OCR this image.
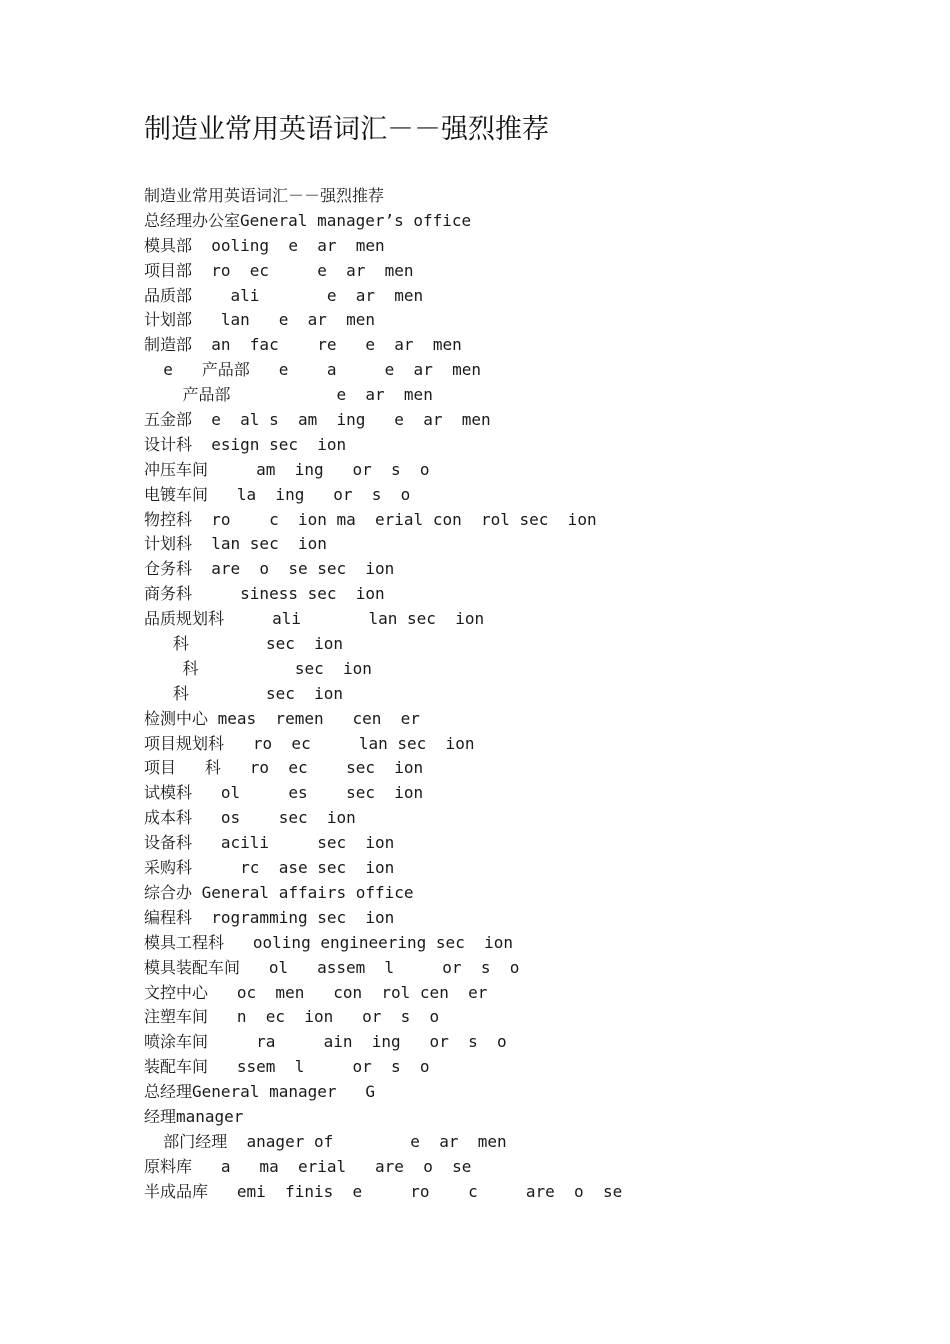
制造业常用英语词汇－－强烈推荐
制造业常用英语词汇－－强烈推荐
总经理办公室General manager’s office
模具部  ooling  e  ar  men
项目部  ro  ec     e  ar  men
品质部    ali       e  ar  men
计划部   lan   e  ar  men
制造部  an  fac    re   e  ar  men
e   产品部   e    a     e  ar  men
产品部           e  ar  men
五金部  e  al s  am  ing   e  ar  men
设计科  esign sec  ion
冲压车间     am  ing   or  s  o
电镀车间   la  ing   or  s  o
物控科  ro    c  ion ma  erial con  rol sec  ion
计划科  lan sec  ion
仓务科  are  o  se sec  ion
商务科     siness sec  ion
品质规划科     ali       lan sec  ion
科        sec  ion
科          sec  ion
科        sec  ion
检测中心 meas  remen   cen  er
项目规划科   ro  ec     lan sec  ion
项目   科   ro  ec    sec  ion
试模科   ol     es    sec  ion
成本科   os    sec  ion
设备科   acili     sec  ion
采购科     rc  ase sec  ion
综合办 General affairs office
编程科  rogramming sec  ion
模具工程科   ooling engineering sec  ion
模具装配车间   ol   assem  l     or  s  o
文控中心   oc  men   con  rol cen  er
注塑车间   n  ec  ion   or  s  o
喷涂车间     ra     ain  ing   or  s  o
装配车间   ssem  l     or  s  o
总经理General manager   G
经理manager
部门经理  anager of        e  ar  men
原料库   a   ma  erial   are  o  se
半成品库   emi  finis  e     ro    c     are  o  se
